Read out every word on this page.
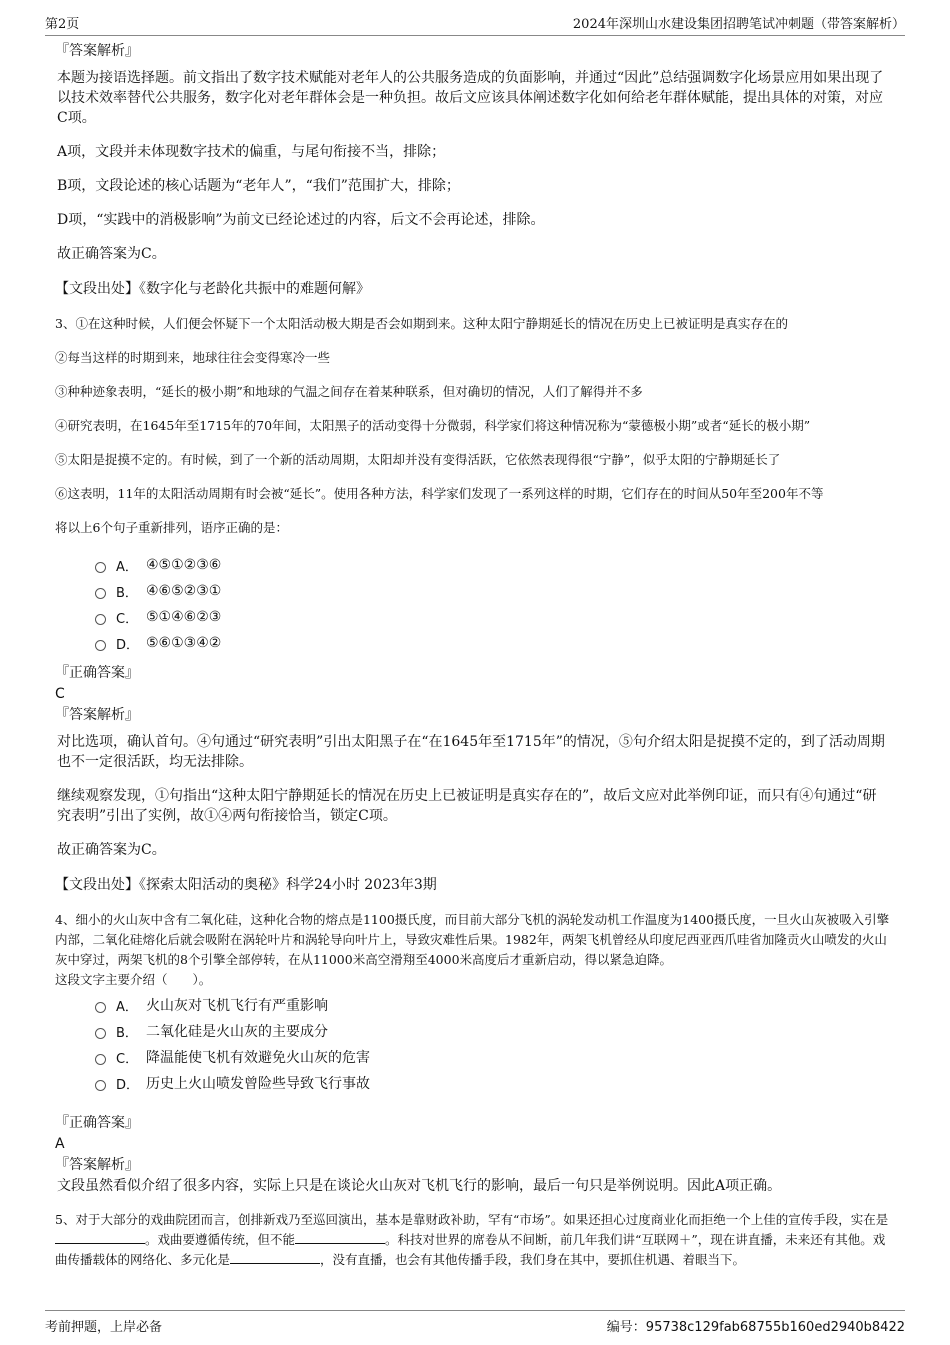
第2页	2024年深圳山水建设集团招聘笔试冲刺题（带答案解析）

『答案解析』

本题为接语选择题。前文指出了数字技术赋能对老年人的公共服务造成的负面影响，并通过“因此”总结强调数字化场景应用如果出现了以技术效率替代公共服务，数字化对老年群体会是一种负担。故后文应该具体阐述数字化如何给老年群体赋能，提出具体的对策，对应C项。

A项，文段并未体现数字技术的偏重，与尾句衔接不当，排除；

B项，文段论述的核心话题为“老年人”，“我们”范围扩大，排除；

D项，“实践中的消极影响”为前文已经论述过的内容，后文不会再论述，排除。

故正确答案为C。

【文段出处】《数字化与老龄化共振中的难题何解》

3、①在这种时候，人们便会怀疑下一个太阳活动极大期是否会如期到来。这种太阳宁静期延长的情况在历史上已被证明是真实存在的

②每当这样的时期到来，地球往往会变得寒冷一些

③种种迹象表明，“延长的极小期”和地球的气温之间存在着某种联系，但对确切的情况，人们了解得并不多

④研究表明，在1645年至1715年的70年间，太阳黑子的活动变得十分微弱，科学家们将这种情况称为“蒙德极小期”或者“延长的极小期”

⑤太阳是捉摸不定的。有时候，到了一个新的活动周期，太阳却并没有变得活跃，它依然表现得很“宁静”，似乎太阳的宁静期延长了

⑥这表明，11年的太阳活动周期有时会被“延长”。使用各种方法，科学家们发现了一系列这样的时期，它们存在的时间从50年至200年不等

将以上6个句子重新排列，语序正确的是：

A． ④⑤①②③⑥
B． ④⑥⑤②③①
C． ⑤①④⑥②③
D． ⑤⑥①③④②

『正确答案』

C

『答案解析』

对比选项，确认首句。④句通过“研究表明”引出太阳黑子在“在1645年至1715年”的情况，⑤句介绍太阳是捉摸不定的，到了活动周期也不一定很活跃，均无法排除。

继续观察发现，①句指出“这种太阳宁静期延长的情况在历史上已被证明是真实存在的”，故后文应对此举例印证，而只有④句通过“研究表明”引出了实例，故①④两句衔接恰当，锁定C项。

故正确答案为C。

【文段出处】《探索太阳活动的奥秘》科学24小时 2023年3期

4、细小的火山灰中含有二氧化硅，这种化合物的熔点是1100摄氏度，而目前大部分飞机的涡轮发动机工作温度为1400摄氏度，一旦火山灰被吸入引擎内部，二氧化硅熔化后就会吸附在涡轮叶片和涡轮导向叶片上，导致灾难性后果。1982年，两架飞机曾经从印度尼西亚西爪哇省加隆贡火山喷发的火山灰中穿过，两架飞机的8个引擎全部停转，在从11000米高空滑翔至4000米高度后才重新启动，得以紧急迫降。

这段文字主要介绍（　　）。

A． 火山灰对飞机飞行有严重影响
B． 二氧化硅是火山灰的主要成分
C． 降温能使飞机有效避免火山灰的危害
D． 历史上火山喷发曾险些导致飞行事故

『正确答案』

A

『答案解析』

文段虽然看似介绍了很多内容，实际上只是在谈论火山灰对飞机飞行的影响，最后一句只是举例说明。因此A项正确。

5、对于大部分的戏曲院团而言，创排新戏乃至巡回演出，基本是靠财政补助，罕有“市场”。如果还担心过度商业化而拒绝一个上佳的宣传手段，实在是。戏曲要遵循传统，但不能	。科技对世界的席卷从不间断，前几年我们讲“互联网＋”，现在讲直播，未来还有其他。戏曲传播载体的网络化、多元化是	，没有直播，也会有其他传播手段，我们身在其中，要抓住机遇、着眼当下。

考前押题，上岸必备	编号：95738c129fab68755b160ed2940b8422
